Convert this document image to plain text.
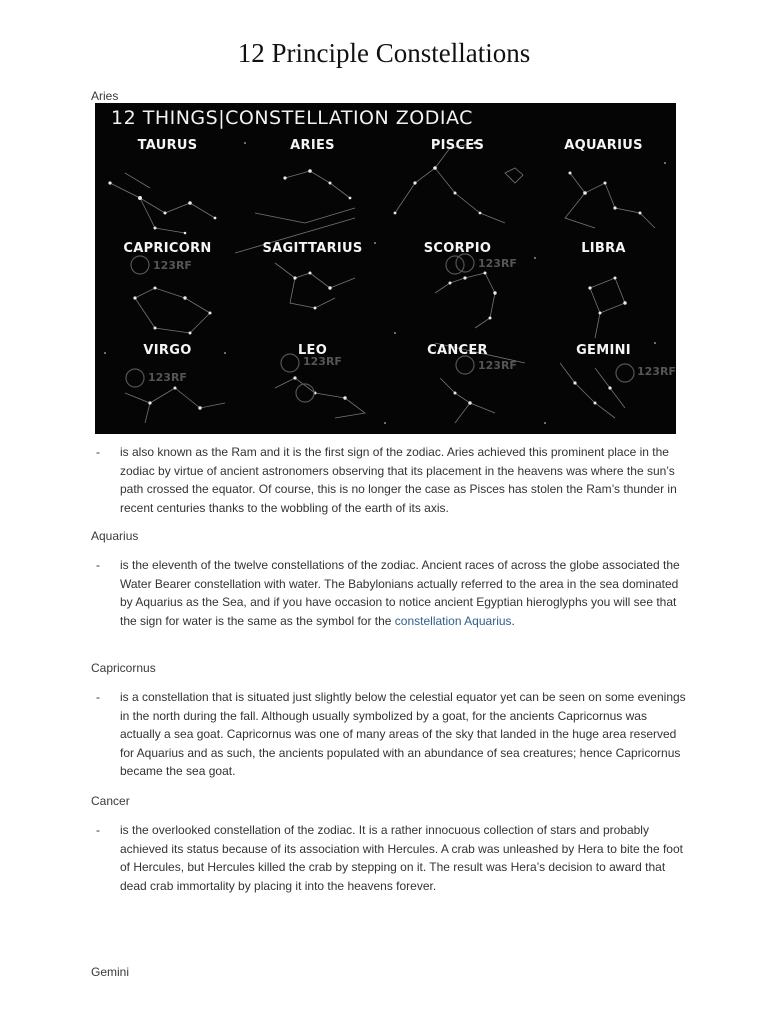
12 Principle Constellations
Aries
123RF
123RF
123RF
123RF
123RF
123RF
12 THINGS|CONSTELLATION ZODIAC
TAURUS	ARIES	PISCES	AQUARIUS
CAPRICORN	SAGITTARIUS	SCORPIO	LIBRA
VIRGO	LEO	CANCER	GEMINI
- is also known as the Ram and it is the first sign of the zodiac. Aries achieved this prominent place in the zodiac by virtue of ancient astronomers observing that its placement in the heavens was where the sun’s path crossed the equator. Of course, this is no longer the case as Pisces has stolen the Ram’s thunder in recent centuries thanks to the wobbling of the earth of its axis.
Aquarius
- is the eleventh of the twelve constellations of the zodiac. Ancient races of across the globe associated the Water Bearer constellation with water. The Babylonians actually referred to the area in the sea dominated by Aquarius as the Sea, and if you have occasion to notice ancient Egyptian hieroglyphs you will see that the sign for water is the same as the symbol for the constellation Aquarius.
Capricornus
- is a constellation that is situated just slightly below the celestial equator yet can be seen on some evenings in the north during the fall. Although usually symbolized by a goat, for the ancients Capricornus was actually a sea goat. Capricornus was one of many areas of the sky that landed in the huge area reserved for Aquarius and as such, the ancients populated with an abundance of sea creatures; hence Capricornus became the sea goat.
Cancer
- is the overlooked constellation of the zodiac. It is a rather innocuous collection of stars and probably achieved its status because of its association with Hercules. A crab was unleashed by Hera to bite the foot of Hercules, but Hercules killed the crab by stepping on it. The result was Hera’s decision to award that dead crab immortality by placing it into the heavens forever.
Gemini
